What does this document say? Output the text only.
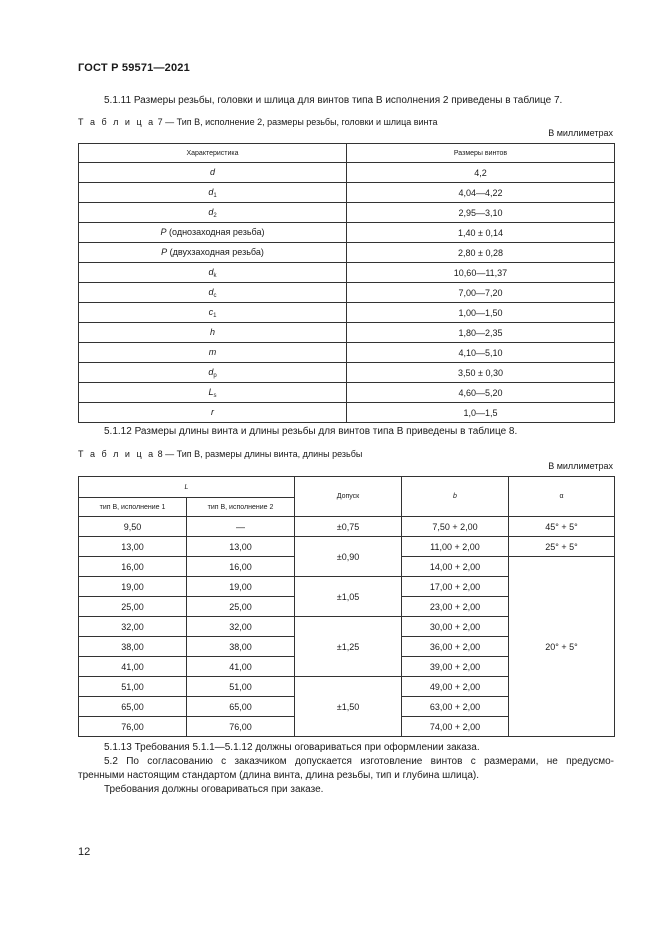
ГОСТ Р 59571—2021
5.1.11 Размеры резьбы, головки и шлица для винтов типа В исполнения 2 приведены в таблице 7.
Т а б л и ц а 7 — Тип В, исполнение 2, размеры резьбы, головки и шлица винта
В миллиметрах
Характеристика	Размеры винтов
d	4,2
$d_1$	4,04—4,22
$d_2$	2,95—3,10
P (однозаходная резьба)	1,40 ± 0,14
P (двухзаходная резьба)	2,80 ± 0,28
$d_k$	10,60—11,37
$d_c$	7,00—7,20
$c_1$	1,00—1,50
h	1,80—2,35
m	4,10—5,10
$d_p$	3,50 ± 0,30
$L_s$	4,60—5,20
r	1,0—1,5
5.1.12 Размеры длины винта и длины резьбы для винтов типа В приведены в таблице 8.
Т а б л и ц а 8 — Тип В, размеры длины винта, длины резьбы
В миллиметрах
L		Допуск	b	α
тип В, исполнение 1	тип В, исполнение 2			
9,50	—	±0,75	7,50 + 2,00	45° + 5°
13,00	13,00	±0,90	11,00 + 2,00	25° + 5°
16,00	16,00		14,00 + 2,00	20° + 5°
19,00	19,00	±1,05	17,00 + 2,00	
25,00	25,00		23,00 + 2,00	
32,00	32,00	±1,25	30,00 + 2,00	
38,00	38,00		36,00 + 2,00	
41,00	41,00		39,00 + 2,00	
51,00	51,00	±1,50	49,00 + 2,00	
65,00	65,00		63,00 + 2,00	
76,00	76,00		74,00 + 2,00	
5.1.13 Требования 5.1.1—5.1.12 должны оговариваться при оформлении заказа.
5.2 По согласованию с заказчиком допускается изготовление винтов с размерами, не предусмо-
тренными настоящим стандартом (длина винта, длина резьбы, тип и глубина шлица).
Требования должны оговариваться при заказе.
12
